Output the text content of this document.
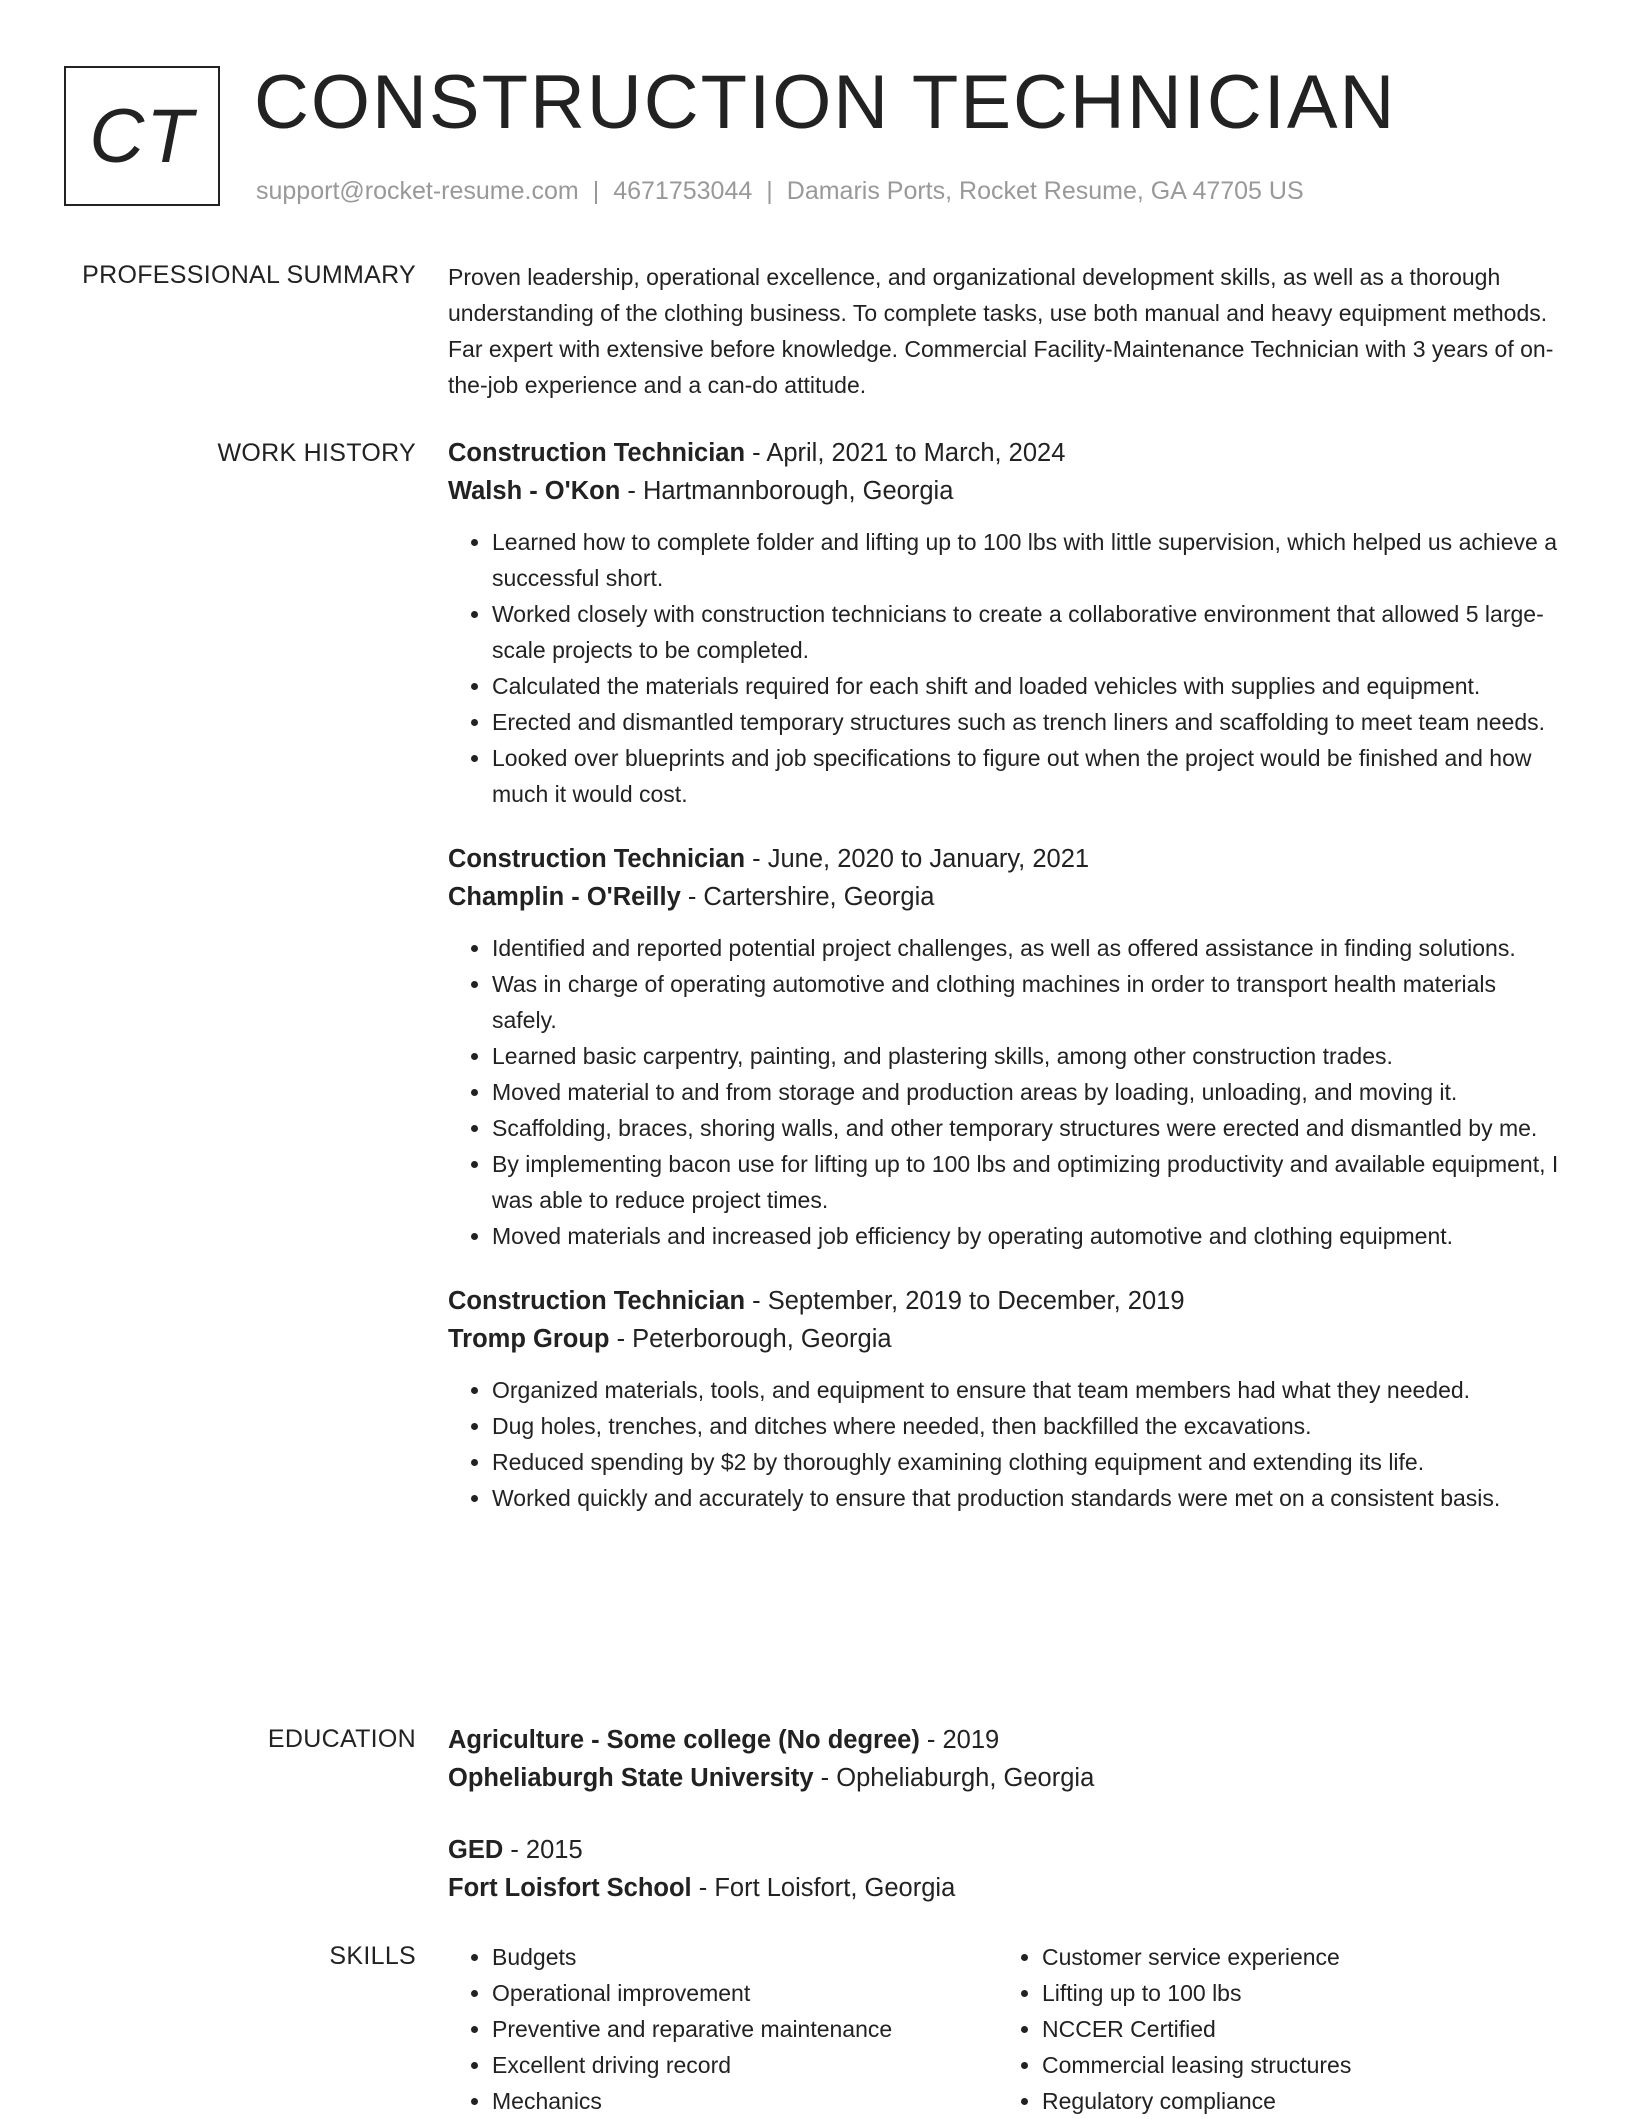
CT CONSTRUCTION TECHNICIAN
support@rocket-resume.com | 4671753044 | Damaris Ports, Rocket Resume, GA 47705 US
PROFESSIONAL SUMMARY Proven leadership, operational excellence, and organizational development skills, as well as a thorough understanding of the clothing business. To complete tasks, use both manual and heavy equipment methods. Far expert with extensive before knowledge. Commercial Facility-Maintenance Technician with 3 years of on-the-job experience and a can-do attitude.

WORK HISTORY Construction Technician - April, 2021 to March, 2024
Walsh - O'Kon - Hartmannborough, Georgia
• Learned how to complete folder and lifting up to 100 lbs with little supervision, which helped us achieve a successful short.
• Worked closely with construction technicians to create a collaborative environment that allowed 5 large-scale projects to be completed.
• Calculated the materials required for each shift and loaded vehicles with supplies and equipment.
• Erected and dismantled temporary structures such as trench liners and scaffolding to meet team needs.
• Looked over blueprints and job specifications to figure out when the project would be finished and how much it would cost.
Construction Technician - June, 2020 to January, 2021
Champlin - O'Reilly - Cartershire, Georgia
• Identified and reported potential project challenges, as well as offered assistance in finding solutions.
• Was in charge of operating automotive and clothing machines in order to transport health materials safely.
• Learned basic carpentry, painting, and plastering skills, among other construction trades.
• Moved material to and from storage and production areas by loading, unloading, and moving it.
• Scaffolding, braces, shoring walls, and other temporary structures were erected and dismantled by me.
• By implementing bacon use for lifting up to 100 lbs and optimizing productivity and available equipment, I was able to reduce project times.
• Moved materials and increased job efficiency by operating automotive and clothing equipment.
Construction Technician - September, 2019 to December, 2019
Tromp Group - Peterborough, Georgia
• Organized materials, tools, and equipment to ensure that team members had what they needed.
• Dug holes, trenches, and ditches where needed, then backfilled the excavations.
• Reduced spending by $2 by thoroughly examining clothing equipment and extending its life.
• Worked quickly and accurately to ensure that production standards were met on a consistent basis.
EDUCATION Agriculture - Some college (No degree) - 2019
Opheliaburgh State University - Opheliaburgh, Georgia
GED - 2015
Fort Loisfort School - Fort Loisfort, Georgia
SKILLS
•	Budgets
• Operational improvement
• Preventive and reparative maintenance
• Excellent driving record
• Mechanics
• Customer service experience
• Lifting up to 100 lbs
• NCCER Certified
• Commercial leasing structures
• Regulatory compliance
